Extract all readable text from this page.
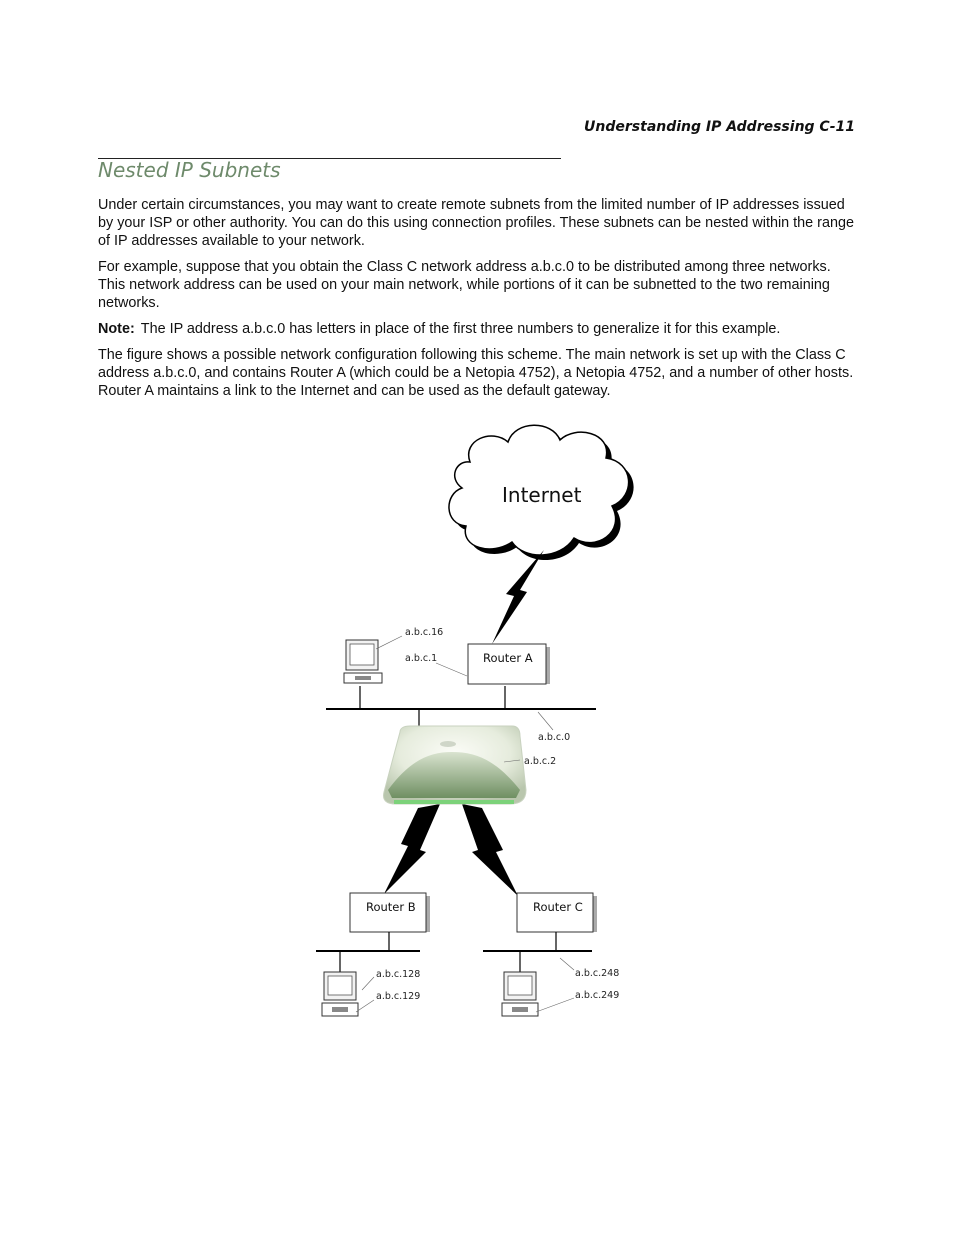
Understanding IP Addressing C-11
Nested IP Subnets

Under certain circumstances, you may want to create remote subnets from the limited number of IP addresses issued by your ISP or other authority. You can do this using connection profiles. These subnets can be nested within the range of IP addresses available to your network.

For example, suppose that you obtain the Class C network address a.b.c.0 to be distributed among three networks. This network address can be used on your main network, while portions of it can be subnetted to the two remaining networks.

Note: The IP address a.b.c.0 has letters in place of the first three numbers to generalize it for this example.

The figure shows a possible network configuration following this scheme. The main network is set up with the Class C address a.b.c.0, and contains Router A (which could be a Netopia 4752), a Netopia 4752, and a number of other hosts. Router A maintains a link to the Internet and can be used as the default gateway.

Internet
Router A
a.b.c.16
a.b.c.1
a.b.c.0
a.b.c.2
Router B
a.b.c.128
a.b.c.129
Router C
a.b.c.248
a.b.c.249
